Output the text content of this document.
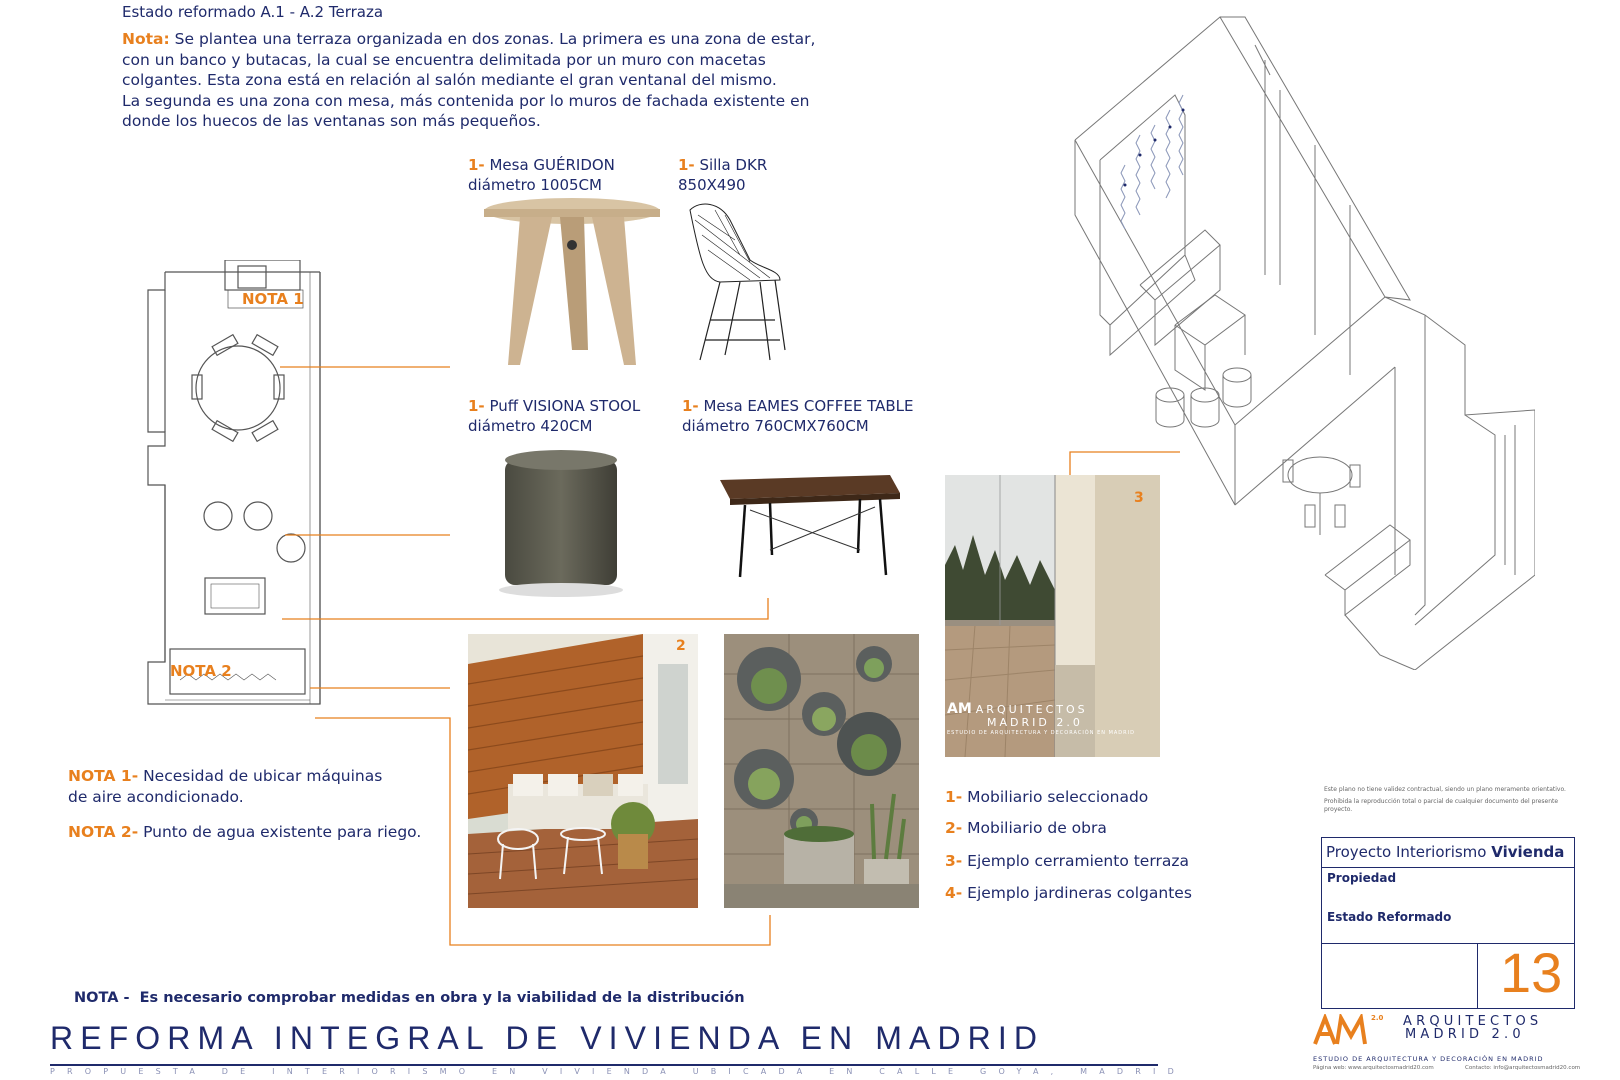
Estado reformado A.1 - A.2 Terraza
Nota: Se plantea una terraza organizada en dos zonas. La primera es una zona de estar,
con un banco y butacas, la cual se encuentra delimitada por un muro con macetas
colgantes. Esta zona está en relación al salón mediante el gran ventanal del mismo.
La segunda es una zona con mesa, más contenida por lo muros de fachada existente en
donde los huecos de las ventanas son más pequeños.
NOTA 1
NOTA 2
1- Mesa GUÉRIDON
diámetro 1005CM
1- Silla DKR
850X490
1- Puff VISIONA STOOL
diámetro 420CM
1- Mesa EAMES COFFEE TABLE
diámetro 760CMX760CM
2
AM ARQUITECTOS
MADRID 2.0
ESTUDIO DE ARQUITECTURA Y DECORACIÓN EN MADRID
3
NOTA 1- Necesidad de ubicar máquinas
de aire acondicionado.
NOTA 2- Punto de agua existente para riego.
1- Mobiliario seleccionado
2- Mobiliario de obra
3- Ejemplo cerramiento terraza
4- Ejemplo jardineras colgantes
NOTA - Es necesario comprobar medidas en obra y la viabilidad de la distribución
REFORMA INTEGRAL DE VIVIENDA EN MADRID
PROPUESTA DE INTERIORISMO EN VIVIENDA UBICADA EN CALLE GOYA, MADRID
Este plano no tiene validez contractual, siendo un plano meramente orientativo.
Prohibida la reproducción total o parcial de cualquier documento del presente proyecto.
Proyecto Interiorismo Vivienda
Propiedad
Estado Reformado
13
2.0 ARQUITECTOS
MADRID 2.0
ESTUDIO DE ARQUITECTURA Y DECORACIÓN EN MADRID
Página web: www.arquitectosmadrid20.com	Contacto: info@arquitectosmadrid20.com
